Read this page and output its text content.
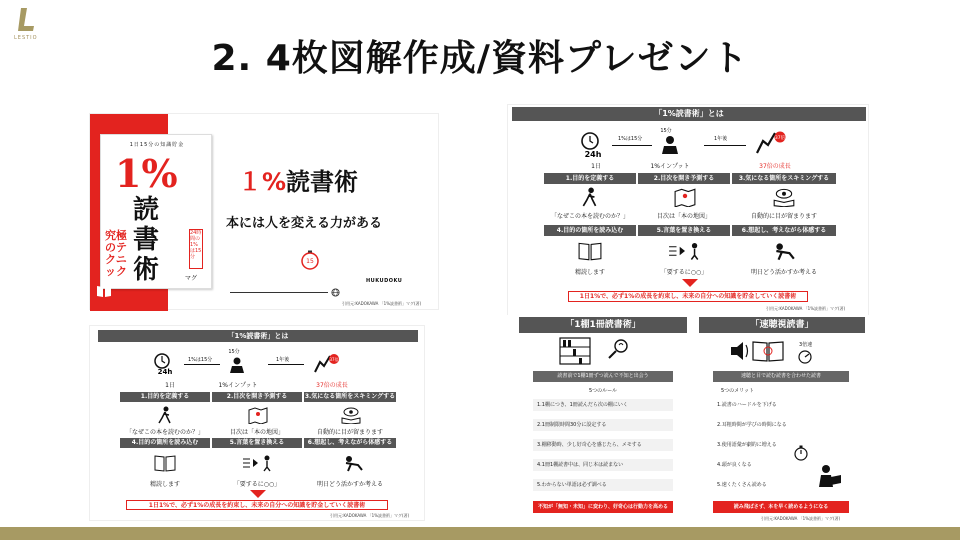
LESTIO	2. 4枚図解作成/資料プレゼント
1日15分の知識貯金
1%
読書術
究極のテクニック
24時間の1%は15分
マグ
１%読書術
本には人を変える力がある
15
HUKUDOKU
引用元:KADOKAWA 「1%読書術」マグ(著)
「1%読書術」とは
24h
1日
1%は15分
15分
1%インプット
1年後	37倍
37倍の成長
1.目的を定義する	2.目次を開き予測する	3.気になる箇所をスキミングする
「なぜこの本を読むのか？」	目次は「本の地図」	自動的に目が留まります
4.目的の箇所を読み込む	5.言葉を置き換える	6.想起し、考えながら体感する
精読します	「要するに○○」	明日どう活かすか考える
1日1%で、必ず1%の成長を約束し、未来の自分への知識を貯金していく読書術
引用元:KADOKAWA 「1%読書術」マグ(著)
「1%読書術」とは
24h
1日
1%は15分
15分
1%インプット
1年後	37倍
37倍の成長
1.目的を定義する	2.目次を開き予測する	3.気になる箇所をスキミングする
「なぜこの本を読むのか？」	目次は「本の地図」	自動的に目が留まります
4.目的の箇所を読み込む	5.言葉を置き換える	6.想起し、考えながら体感する
精読します	「要するに○○」	明日どう活かすか考える
1日1%で、必ず1%の成長を約束し、未来の自分への知識を貯金していく読書術
引用元:KADOKAWA 「1%読書術」マグ(著)
「1棚1冊読書術」
読書前で1棚1冊ずつ読んで不知と出会う
5つのルール
1.1棚につき、1冊読んだら次の棚にいく
2.1冊制限時間30分に設定する
3.棚移動時、少し好奇心を感じたら、メモする
4.1冊1棚読書中は、同じ本は読まない
5.わからない単語は必ず調べる
不知が「無知・未知」に変わり、好奇心は行動力を高める
「速聴視読書」
3倍速
速聴と目で読む読書を合わせた読書
5つのメリット
1.読書のハードルを下げる
2.耳粗時間が学びの時間になる
3.使用語彙が劇的に増える
4.頭が良くなる
5.速くたくさん読める
読み飛ばさず、本を早く読めるようになる
引用元:KADOKAWA 「1%読書術」マグ(著)
